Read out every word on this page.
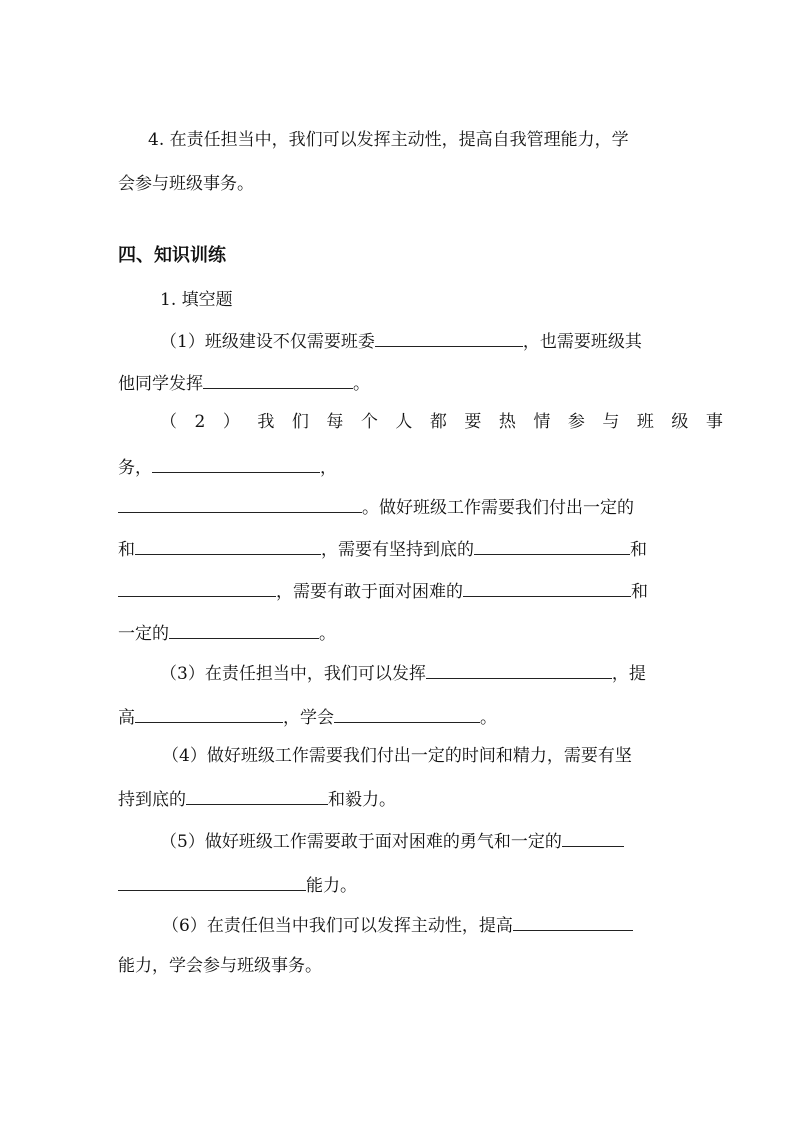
4. 在责任担当中，我们可以发挥主动性，提高自我管理能力，学
会参与班级事务。
四、知识训练
1. 填空题
（1）班级建设不仅需要班委	，也需要班级其
他同学发挥	。
（2）我们每个人都要热情参与班级事
务，	，
。做好班级工作需要我们付出一定的
和	，需要有坚持到底的	和
，需要有敢于面对困难的	和
一定的	。
（3）在责任担当中，我们可以发挥	，提
高	，学会	。
（4）做好班级工作需要我们付出一定的时间和精力，需要有坚
持到底的	和毅力。
（5）做好班级工作需要敢于面对困难的勇气和一定的
能力。
（6）在责任但当中我们可以发挥主动性，提高
能力，学会参与班级事务。
